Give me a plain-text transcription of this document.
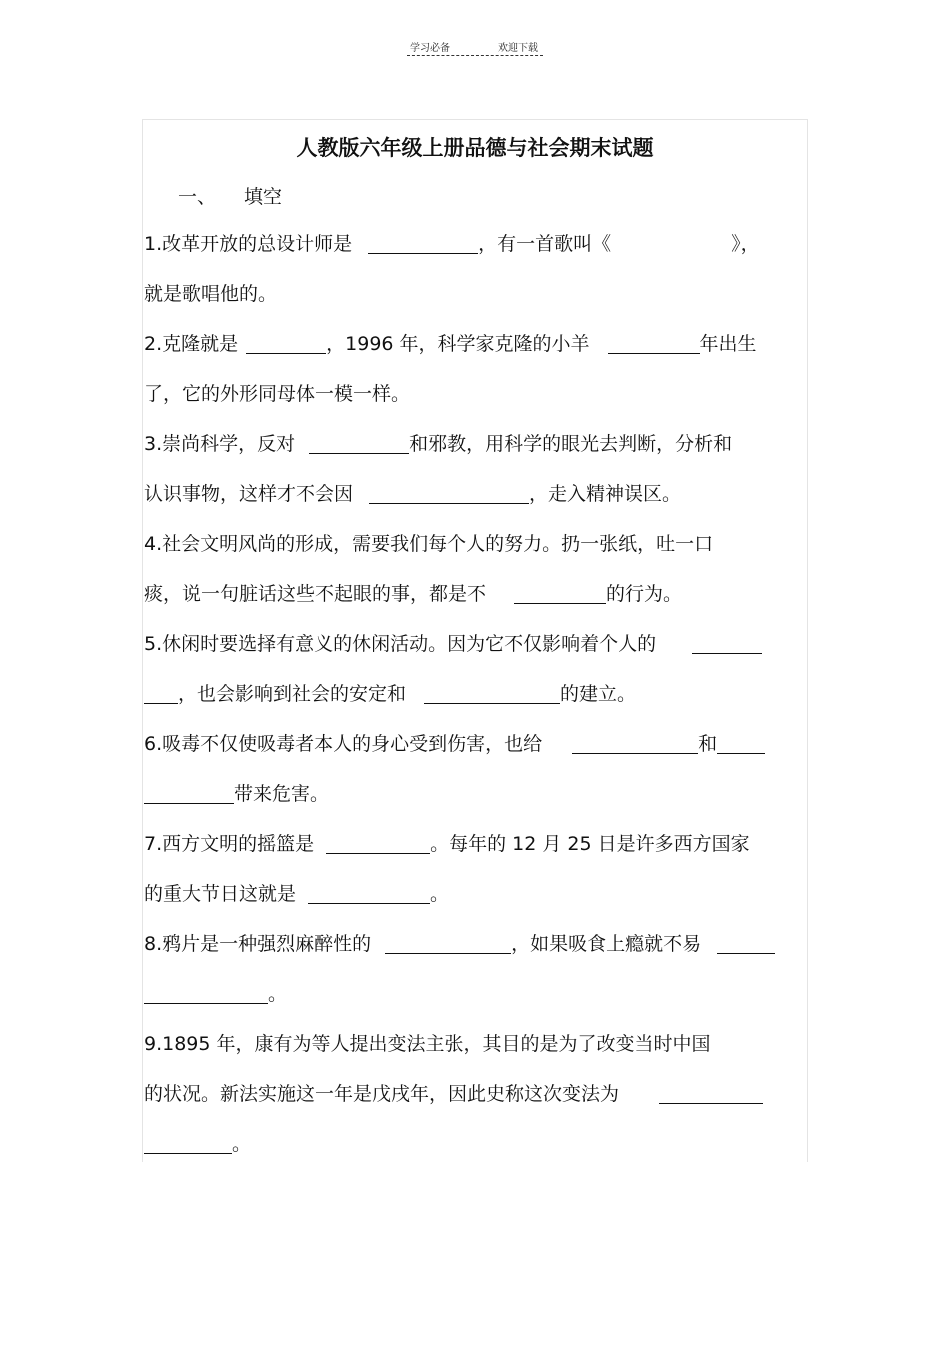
学习必备	欢迎下载
人教版六年级上册品德与社会期末试题
一、 填空
1.改革开放的总设计师是	，有一首歌叫《	》，
就是歌唱他的。
2.克隆就是	，1996 年，科学家克隆的小羊	年出生
了，它的外形同母体一模一样。
3.崇尚科学，反对	和邪教，用科学的眼光去判断，分析和
认识事物，这样才不会因	，走入精神误区。
4.社会文明风尚的形成，需要我们每个人的努力。扔一张纸，吐一口
痰，说一句脏话这些不起眼的事，都是不	的行为。
5.休闲时要选择有意义的休闲活动。因为它不仅影响着个人的
，也会影响到社会的安定和	的建立。
6.吸毒不仅使吸毒者本人的身心受到伤害，也给	和
带来危害。
7.西方文明的摇篮是	。每年的 12 月 25 日是许多西方国家
的重大节日这就是	。
8.鸦片是一种强烈麻醉性的	，如果吸食上瘾就不易
。
9.1895 年，康有为等人提出变法主张，其目的是为了改变当时中国
的状况。新法实施这一年是戊戌年，因此史称这次变法为
。
